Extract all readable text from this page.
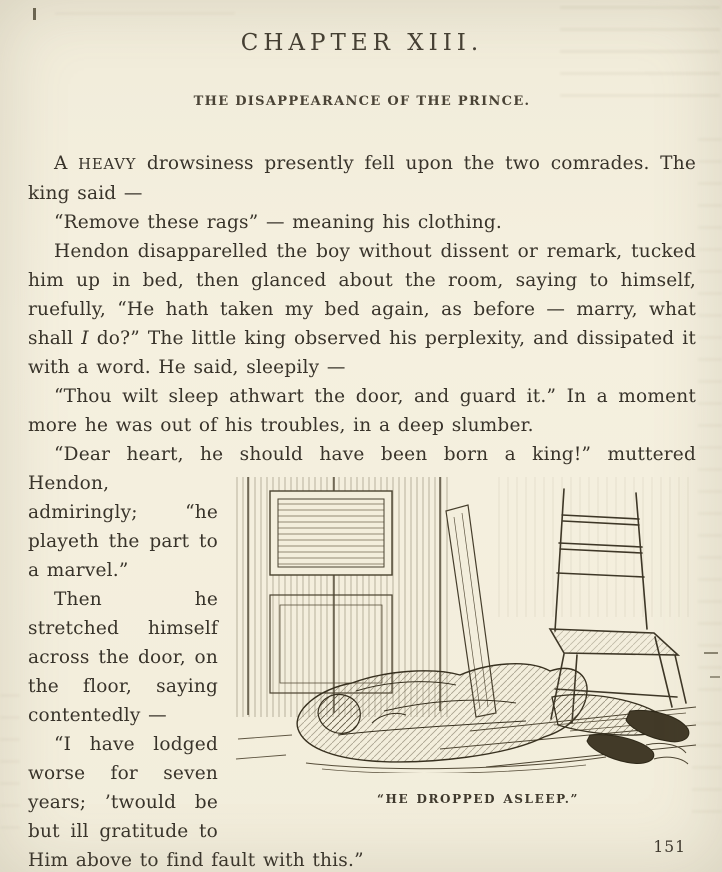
CHAPTER XIII.
THE DISAPPEARANCE OF THE PRINCE.

A HEAVY drowsiness presently fell upon the two comrades. The king said —

“Remove these rags” — meaning his clothing.

Hendon disapparelled the boy without dissent or remark, tucked him up in bed, then glanced about the room, saying to himself, ruefully, “He hath taken my bed again, as before — marry, what shall I do?” The little king observed his perplexity, and dissipated it with a word. He said, sleepily —

“Thou wilt sleep athwart the door, and guard it.” In a moment more he was out of his troubles, in a deep slumber.

“Dear heart, he should have been born a king!” muttered Hendon,
“HE DROPPED ASLEEP.”
admiringly; “he playeth the part to a marvel.”

Then he stretched himself across the door, on the floor, saying contentedly —

“I have lodged worse for seven years; ’twould be but ill gratitude to Him above to find fault with this.”

151
